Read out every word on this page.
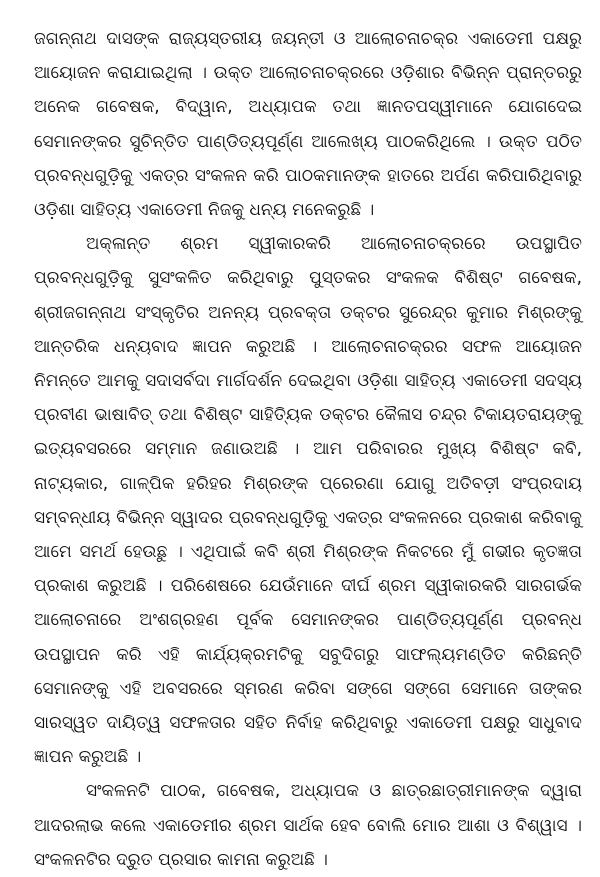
ଜଗନ୍ନାଥ ଦାସଙ୍କ ରାଜ୍ୟସ୍ତରୀୟ ଜୟନ୍ତୀ ଓ ଆଲୋଚନାଚକ୍ର ଏକାଡେମୀ ପକ୍ଷରୁ ଆୟୋଜନ କରାଯାଇଥିଲା । ଉକ୍ତ ଆଲୋଚନାଚକ୍ରରେ ଓଡ଼ିଶାର ବିଭିନ୍ନ ପ୍ରାନ୍ତରରୁ ଅନେକ ଗବେଷକ, ବିଦ୍ୱାନ, ଅଧ୍ୟାପକ ତଥା ଜ୍ଞାନତପସ୍ୱୀମାନେ ଯୋଗଦେଇ ସେମାନଙ୍କର ସୁଚିନ୍ତିତ ପାଣ୍ଡିତ୍ୟପୂର୍ଣ୍ଣ ଆଲେଖ୍ୟ ପାଠକରିଥିଲେ । ଉକ୍ତ ପଠିତ ପ୍ରବନ୍ଧଗୁଡ଼ିକୁ ଏକତ୍ର ସଂକଳନ କରି ପାଠକମାନଙ୍କ ହାତରେ ଅର୍ପଣ କରିପାରିଥିବାରୁ ଓଡ଼ିଶା ସାହିତ୍ୟ ଏକାଡେମୀ ନିଜକୁ ଧନ୍ୟ ମନେକରୁଛି ।

ଅକ୍ଳାନ୍ତ ଶ୍ରମ ସ୍ୱୀକାରକରି ଆଲୋଚନାଚକ୍ରରେ ଉପସ୍ଥାପିତ ପ୍ରବନ୍ଧଗୁଡ଼ିକୁ ସୁସଂକଳିତ କରିଥିବାରୁ ପୁସ୍ତକର ସଂକଳକ ବିଶିଷ୍ଟ ଗବେଷକ, ଶ୍ରୀଜଗନ୍ନାଥ ସଂସ୍କୃତିର ଅନନ୍ୟ ପ୍ରବକ୍ତା ଡକ୍ଟର ସୁରେନ୍ଦ୍ର କୁମାର ମିଶ୍ରଙ୍କୁ ଆନ୍ତରିକ ଧନ୍ୟବାଦ ଜ୍ଞାପନ କରୁଅଛି । ଆଲୋଚନାଚକ୍ରର ସଫଳ ଆୟୋଜନ ନିମନ୍ତେ ଆମକୁ ସଦାସର୍ବଦା ମାର୍ଗଦର୍ଶନ ଦେଇଥିବା ଓଡ଼ିଶା ସାହିତ୍ୟ ଏକାଡେମୀ ସଦସ୍ୟ ପ୍ରବୀଣ ଭାଷାବିତ୍ ତଥା ବିଶିଷ୍ଟ ସାହିତ୍ୟିକ ଡକ୍ଟର କୈଳାସ ଚନ୍ଦ୍ର ଟିକାୟତରାୟଙ୍କୁ ଇତ୍ୟବସରରେ ସମ୍ମାନ ଜଣାଉଅଛି । ଆମ ପରିବାରର ମୁଖ୍ୟ ବିଶିଷ୍ଟ କବି, ନାଟ୍ୟକାର, ଗାଳ୍ପିକ ହରିହର ମିଶ୍ରଙ୍କ ପ୍ରେରଣା ଯୋଗୁ ଅତିବଡ଼ୀ ସଂପ୍ରଦାୟ ସମ୍ବନ୍ଧୀୟ ବିଭିନ୍ନ ସ୍ୱାଦର ପ୍ରବନ୍ଧଗୁଡ଼ିକୁ ଏକତ୍ର ସଂକଳନରେ ପ୍ରକାଶ କରିବାକୁ ଆମେ ସମର୍ଥ ହେଉଛୁ । ଏଥିପାଇଁ କବି ଶ୍ରୀ ମିଶ୍ରଙ୍କ ନିକଟରେ ମୁଁ ଗଭୀର କୃତଜ୍ଞତା ପ୍ରକାଶ କରୁଅଛି । ପରିଶେଷରେ ଯେଉଁମାନେ ଦୀର୍ଘ ଶ୍ରମ ସ୍ୱୀକାରକରି ସାରଗର୍ଭକ ଆଲୋଚନାରେ ଅଂଶଗ୍ରହଣ ପୂର୍ବକ ସେମାନଙ୍କର ପାଣ୍ଡିତ୍ୟପୂର୍ଣ୍ଣ ପ୍ରବନ୍ଧ ଉପସ୍ଥାପନ କରି ଏହି କାର୍ଯ୍ୟକ୍ରମଟିକୁ ସବୁଦିଗରୁ ସାଫଲ୍ୟମଣ୍ଡିତ କରିଛନ୍ତି ସେମାନଙ୍କୁ ଏହି ଅବସରରେ ସ୍ମରଣ କରିବା ସଙ୍ଗେ ସଙ୍ଗେ ସେମାନେ ତାଙ୍କର ସାରସ୍ୱତ ଦାୟିତ୍ୱ ସଫଳତାର ସହିତ ନିର୍ବାହ କରିଥିବାରୁ ଏକାଡେମୀ ପକ୍ଷରୁ ସାଧୁବାଦ ଜ୍ଞାପନ କରୁଅଛି ।

ସଂକଳନଟି ପାଠକ, ଗବେଷକ, ଅଧ୍ୟାପକ ଓ ଛାତ୍ରଛାତ୍ରୀମାନଙ୍କ ଦ୍ୱାରା ଆଦରଲାଭ କଲେ ଏକାଡେମୀର ଶ୍ରମ ସାର୍ଥକ ହେବ ବୋଲି ମୋର ଆଶା ଓ ବିଶ୍ୱାସ । ସଂକଳନଟିର ଦ୍ରୁତ ପ୍ରସାର କାମନା କରୁଅଛି ।
